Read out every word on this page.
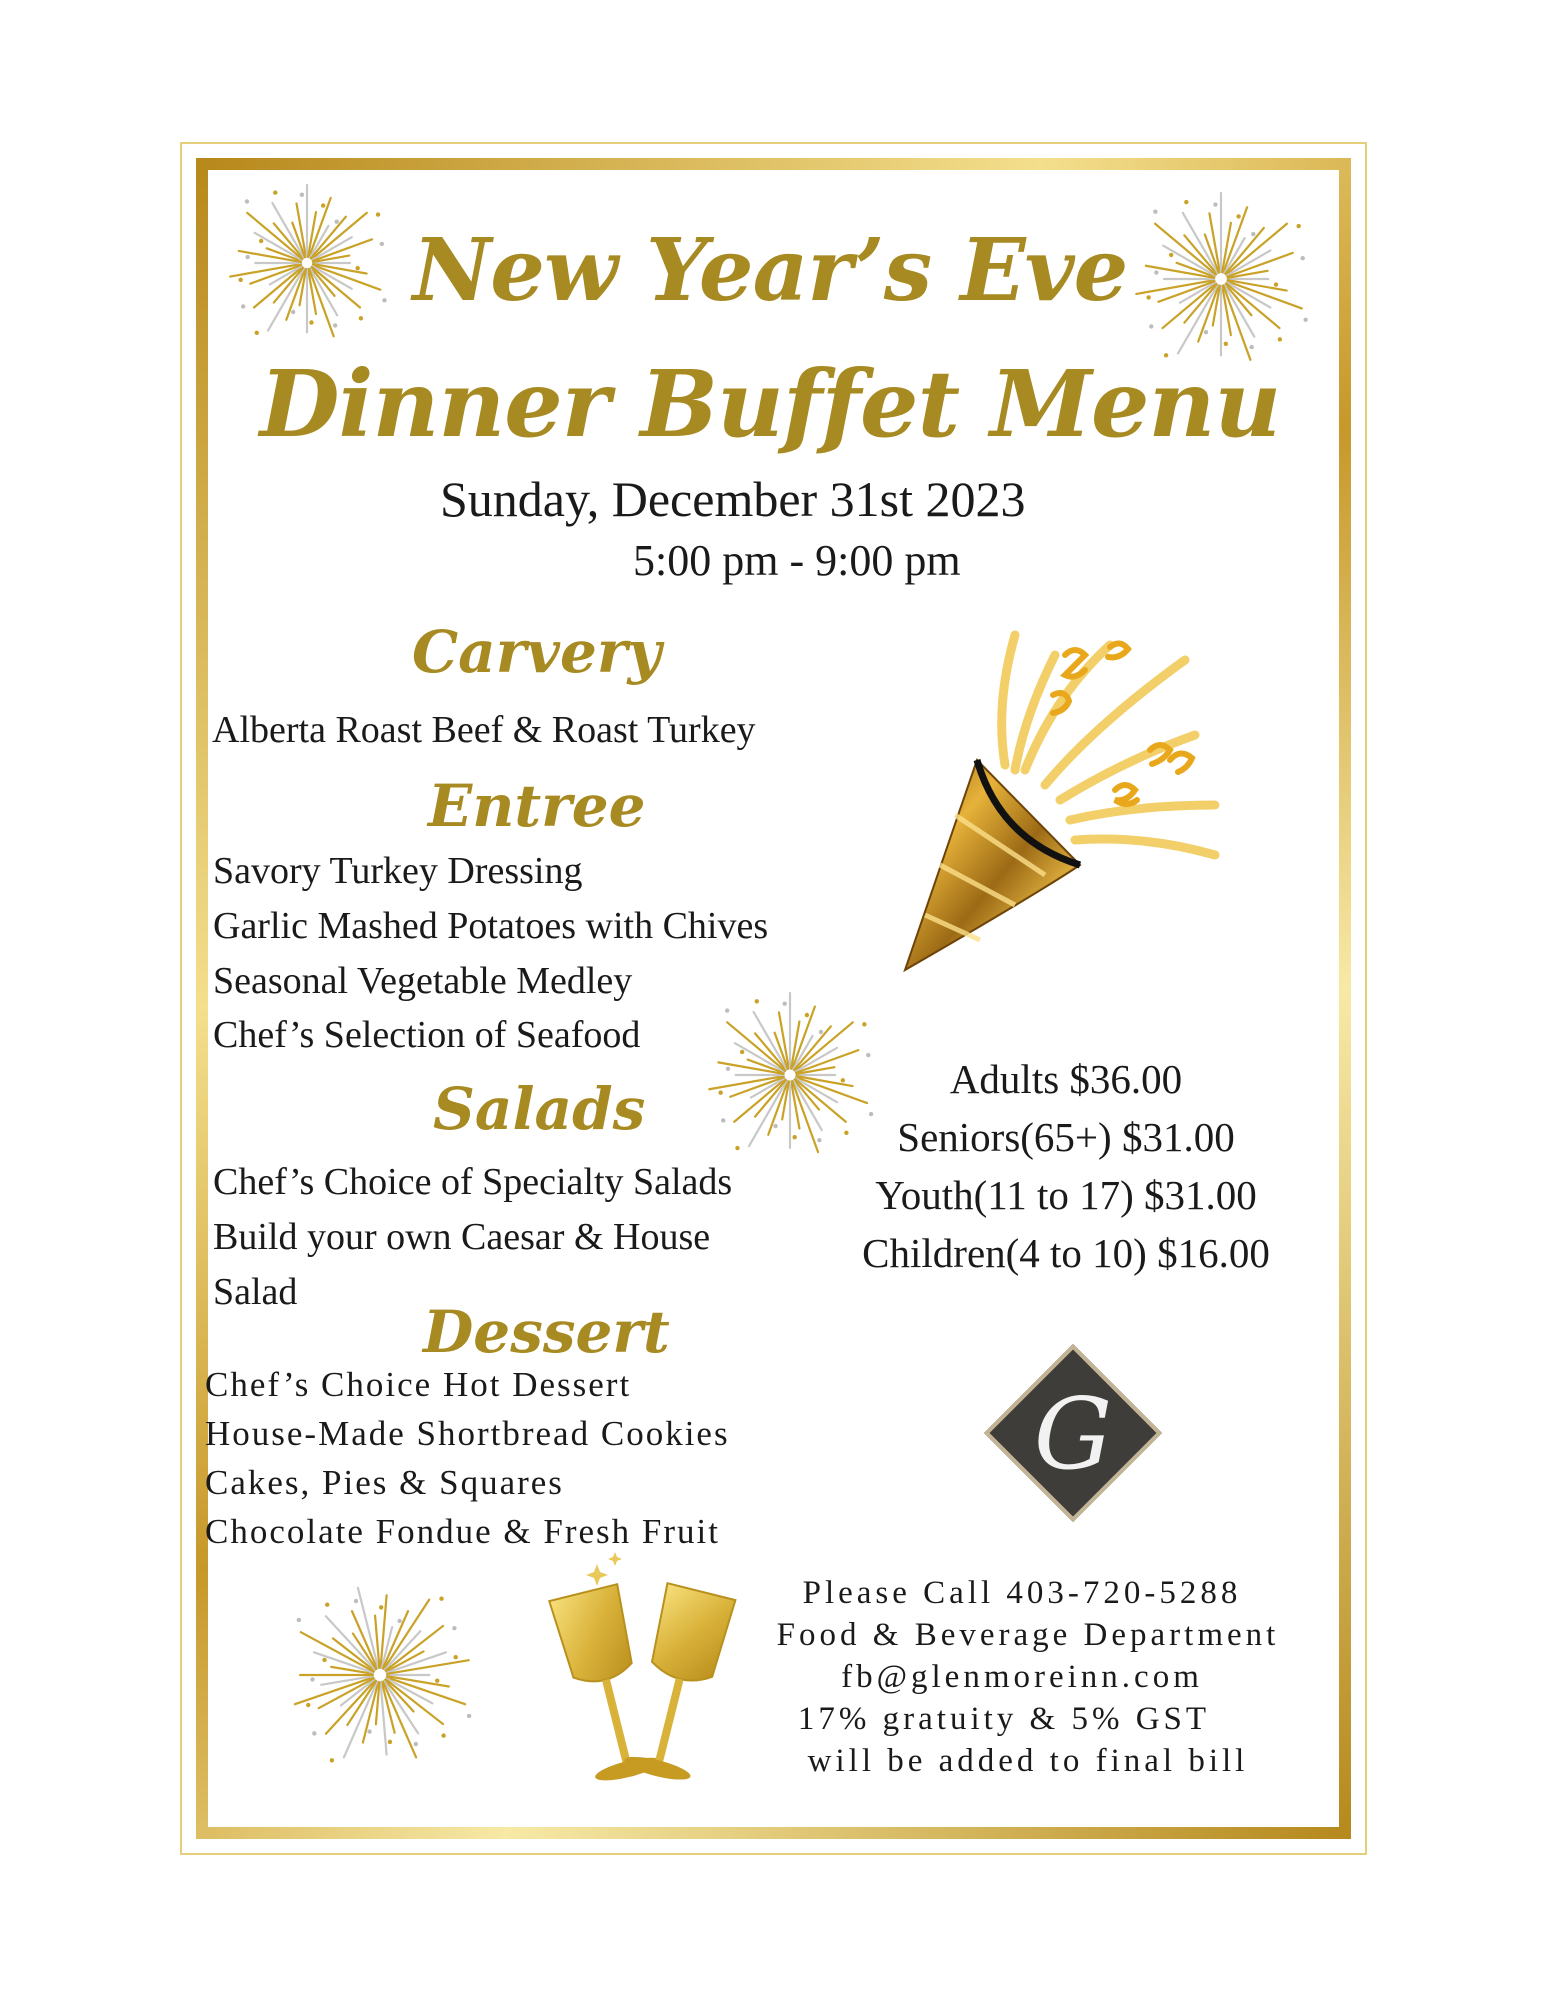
New Year’s Eve
Dinner Buffet Menu
Sunday, December 31st 2023
5:00 pm - 9:00 pm
Carvery
Alberta Roast Beef & Roast Turkey
Entree
Savory Turkey Dressing
Garlic Mashed Potatoes with Chives
Seasonal Vegetable Medley
Chef’s Selection of Seafood
Salads
Chef’s Choice of Specialty Salads
Build your own Caesar & House
Salad
Dessert
Chef’s Choice Hot Dessert
House-Made Shortbread Cookies
Cakes, Pies & Squares
Chocolate Fondue & Fresh Fruit
Adults $36.00
Seniors(65+) $31.00
Youth(11 to 17) $31.00
Children(4 to 10) $16.00
G
Please Call 403-720-5288
Food & Beverage Department
fb@glenmoreinn.com
17% gratuity & 5% GST
will be added to final bill
